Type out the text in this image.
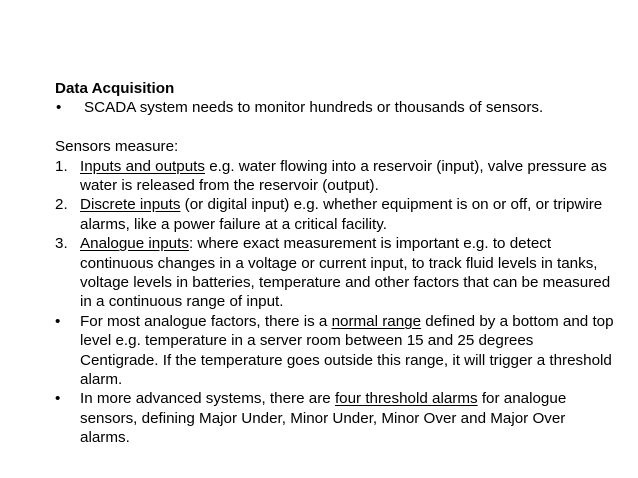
Data Acquisition
• SCADA system needs to monitor hundreds or thousands of sensors.
Sensors measure:
1. Inputs and outputs e.g. water flowing into a reservoir (input), valve pressure as water is released from the reservoir (output).
2. Discrete inputs (or digital input) e.g. whether equipment is on or off, or tripwire alarms, like a power failure at a critical facility.
3. Analogue inputs: where exact measurement is important e.g. to detect continuous changes in a voltage or current input, to track fluid levels in tanks, voltage levels in batteries, temperature and other factors that can be measured in a continuous range of input.
• For most analogue factors, there is a normal range defined by a bottom and top level e.g. temperature in a server room between 15 and 25 degrees Centigrade. If the temperature goes outside this range, it will trigger a threshold alarm.
• In more advanced systems, there are four threshold alarms for analogue sensors, defining Major Under, Minor Under, Minor Over and Major Over alarms.
